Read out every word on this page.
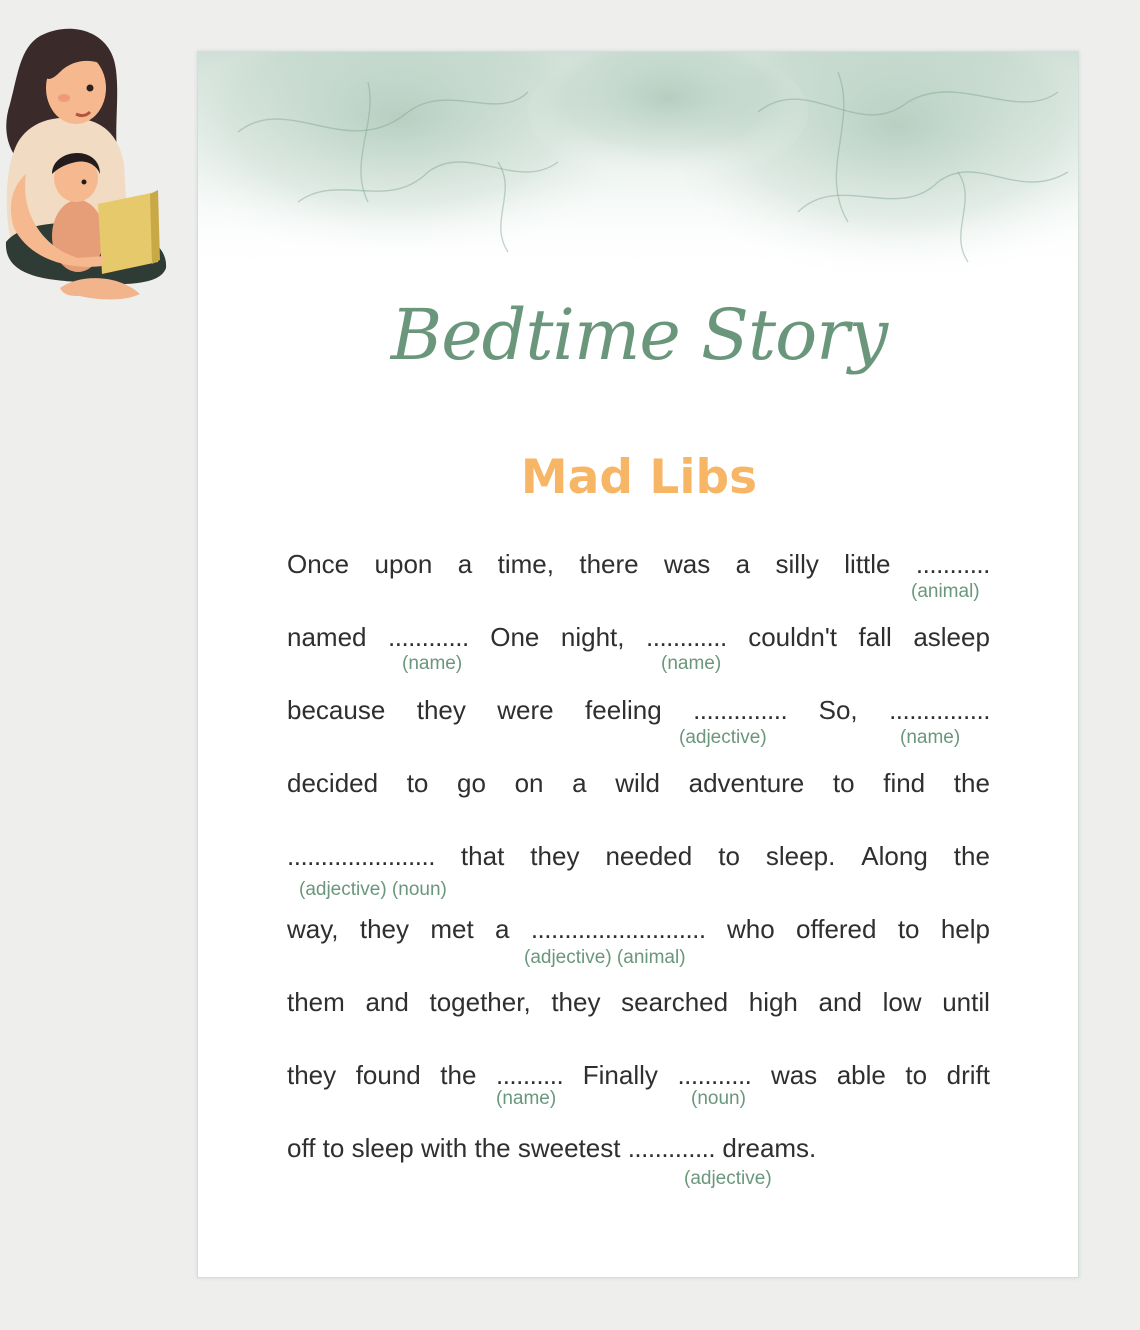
Bedtime Story
Mad Libs
Once upon a time, there was a silly little ...........
(animal)
named ............ One night, ............ couldn't fall asleep
(name)	(name)
because they were feeling .............. So, ...............
(adjective)	(name)
decided to go on a wild adventure to find the
...................... that they needed to sleep. Along the
(adjective) (noun)
way, they met a .......................... who offered to help
(adjective) (animal)
them and together, they searched high and low until
they found the .......... Finally ........... was able to drift
(name)	(noun)
off to sleep with the sweetest ............. dreams.
(adjective)
